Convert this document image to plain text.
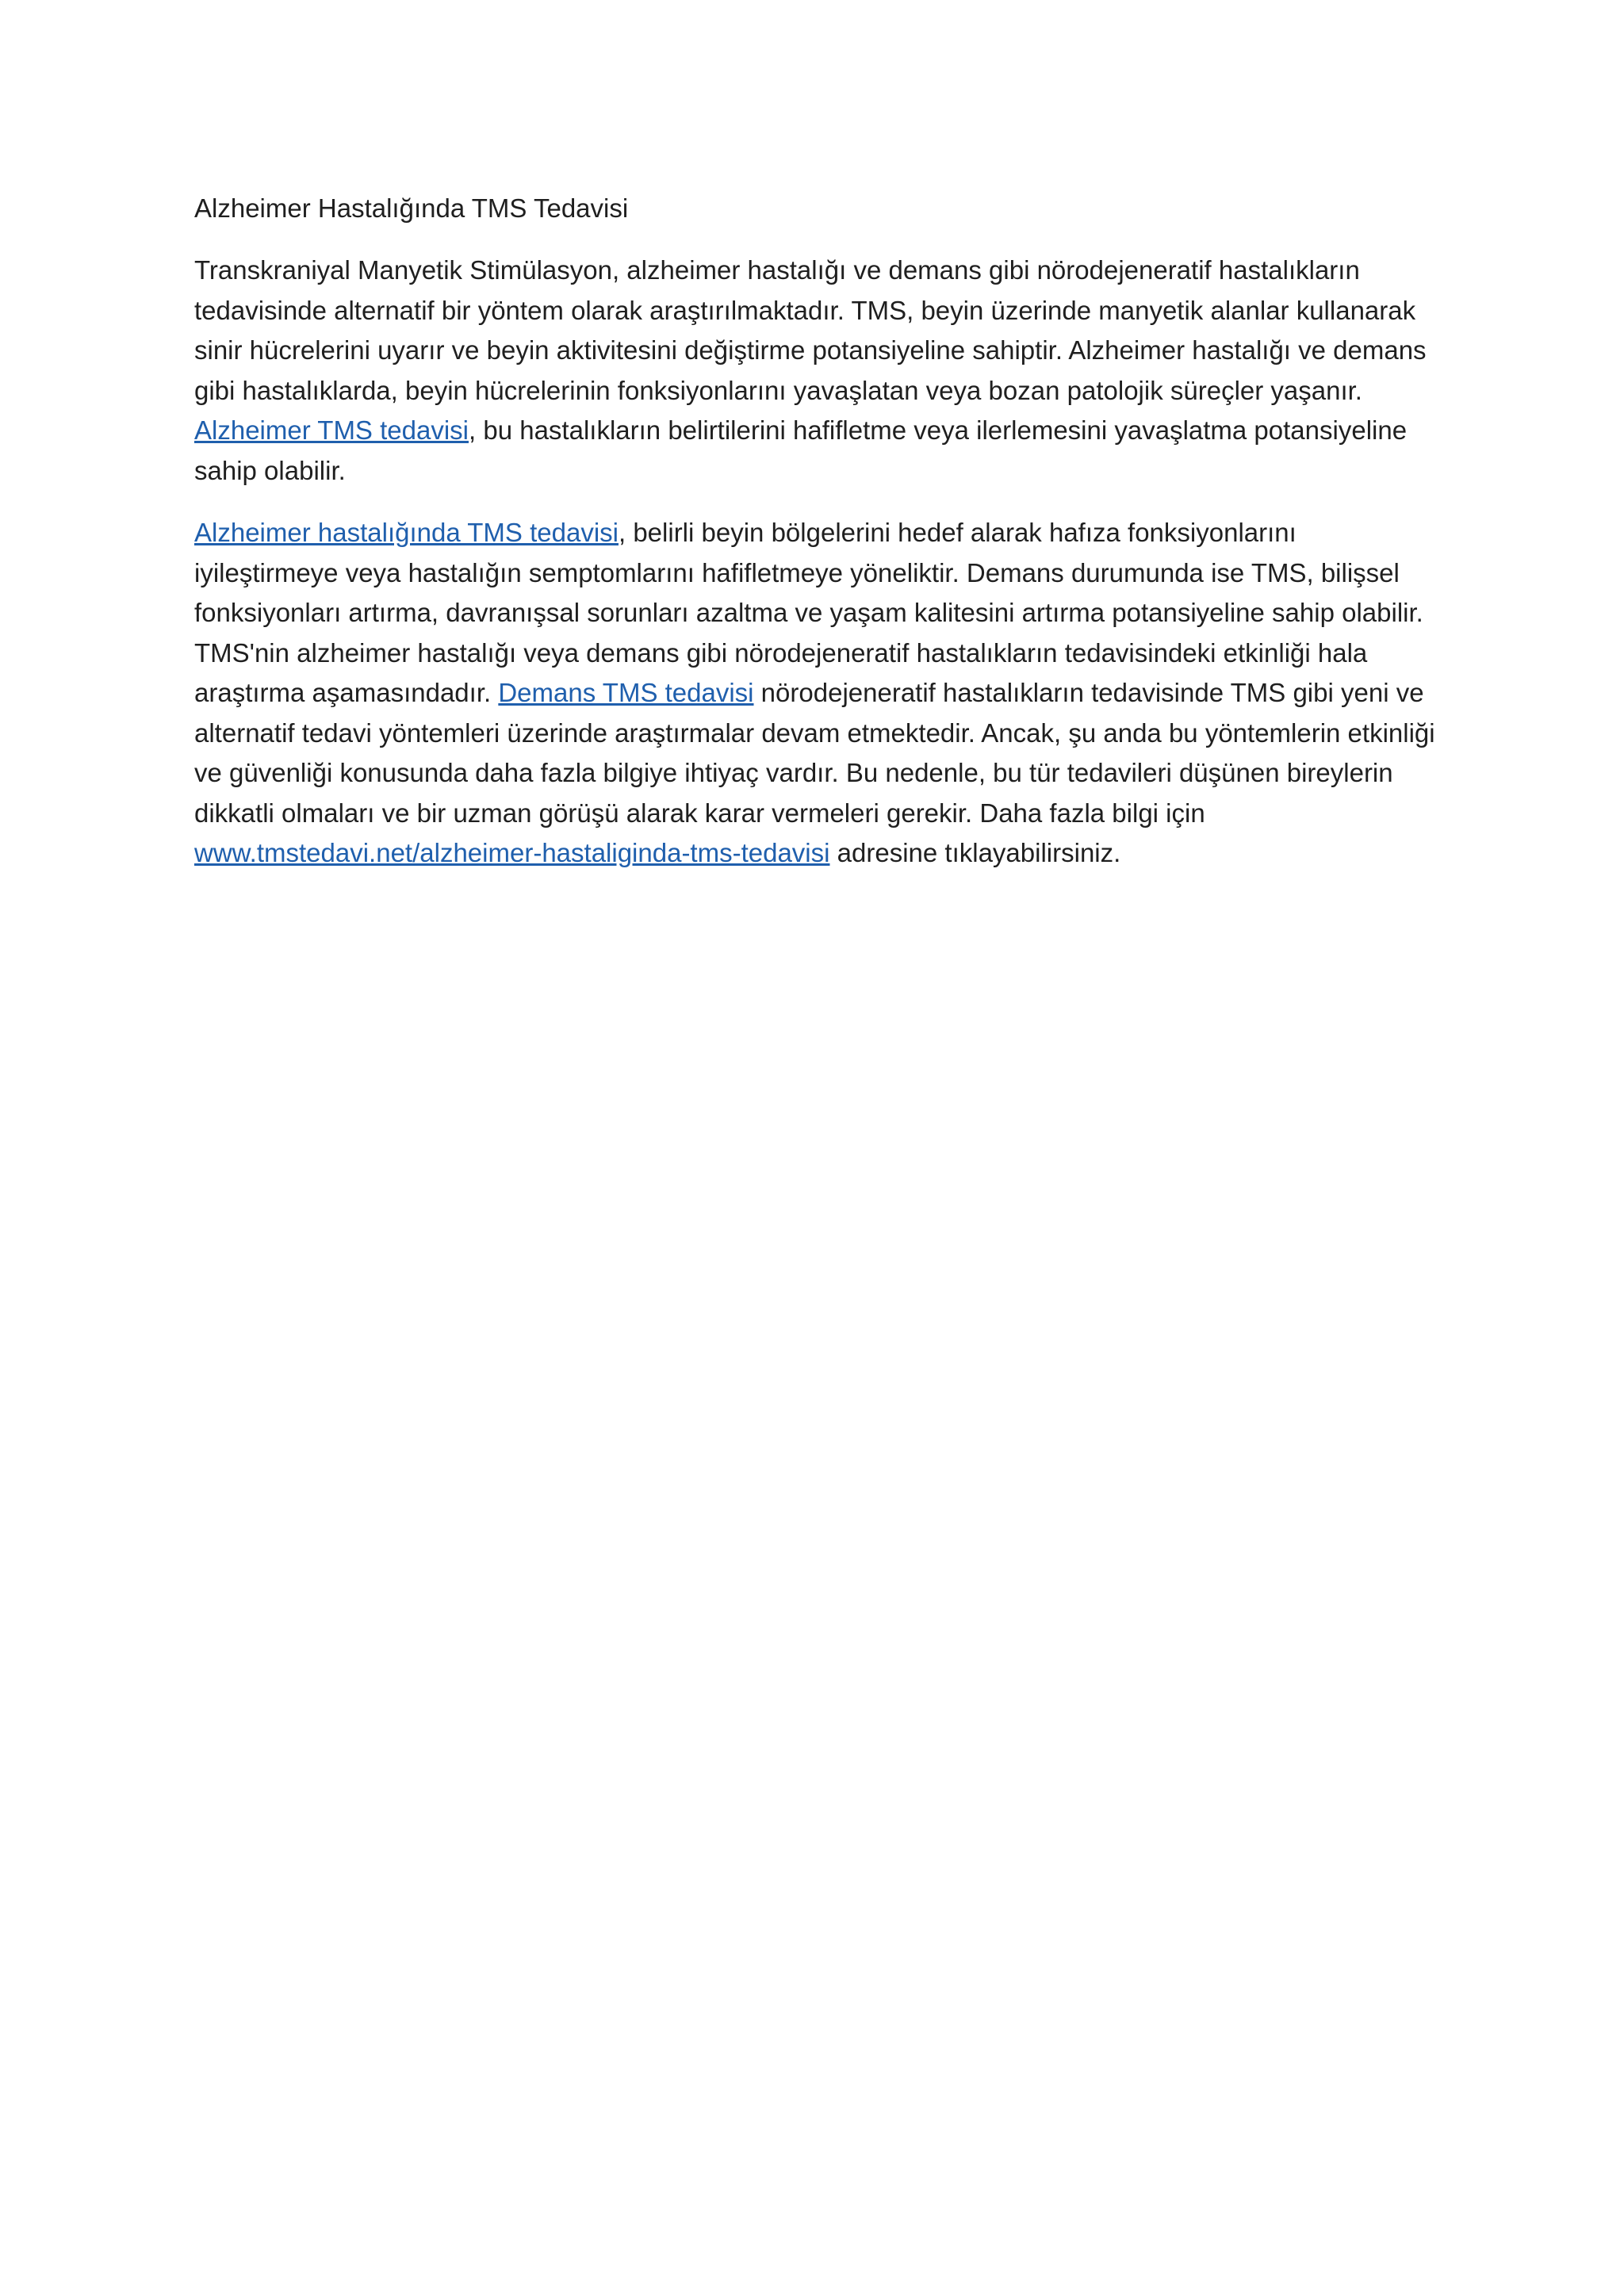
Alzheimer Hastalığında TMS Tedavisi

Transkraniyal Manyetik Stimülasyon, alzheimer hastalığı ve demans gibi nörodejeneratif hastalıkların tedavisinde alternatif bir yöntem olarak araştırılmaktadır. TMS, beyin üzerinde manyetik alanlar kullanarak sinir hücrelerini uyarır ve beyin aktivitesini değiştirme potansiyeline sahiptir. Alzheimer hastalığı ve demans gibi hastalıklarda, beyin hücrelerinin fonksiyonlarını yavaşlatan veya bozan patolojik süreçler yaşanır. Alzheimer TMS tedavisi, bu hastalıkların belirtilerini hafifletme veya ilerlemesini yavaşlatma potansiyeline sahip olabilir.

Alzheimer hastalığında TMS tedavisi, belirli beyin bölgelerini hedef alarak hafıza fonksiyonlarını iyileştirmeye veya hastalığın semptomlarını hafifletmeye yöneliktir. Demans durumunda ise TMS, bilişsel fonksiyonları artırma, davranışsal sorunları azaltma ve yaşam kalitesini artırma potansiyeline sahip olabilir. TMS'nin alzheimer hastalığı veya demans gibi nörodejeneratif hastalıkların tedavisindeki etkinliği hala araştırma aşamasındadır. Demans TMS tedavisi nörodejeneratif hastalıkların tedavisinde TMS gibi yeni ve alternatif tedavi yöntemleri üzerinde araştırmalar devam etmektedir. Ancak, şu anda bu yöntemlerin etkinliği ve güvenliği konusunda daha fazla bilgiye ihtiyaç vardır. Bu nedenle, bu tür tedavileri düşünen bireylerin dikkatli olmaları ve bir uzman görüşü alarak karar vermeleri gerekir. Daha fazla bilgi için www.tmstedavi.net/alzheimer-hastaliginda-tms-tedavisi adresine tıklayabilirsiniz.
